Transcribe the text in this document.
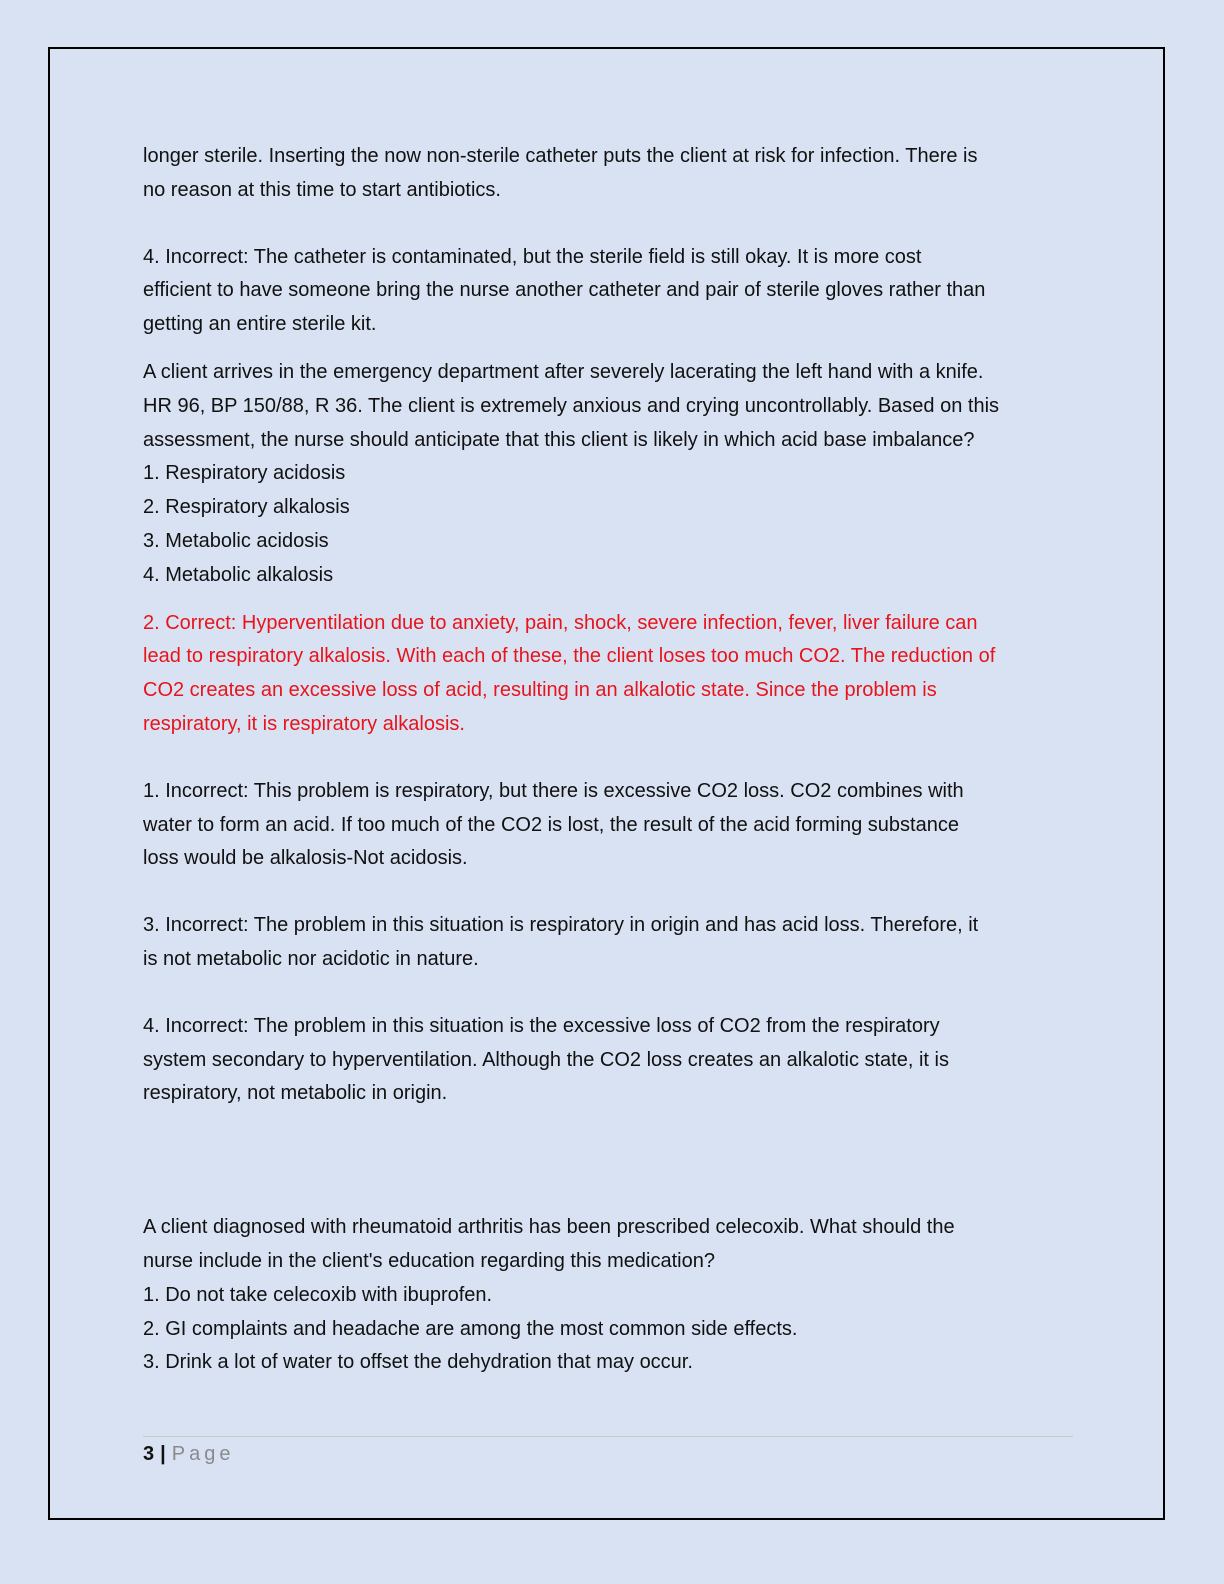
longer sterile. Inserting the now non-sterile catheter puts the client at risk for infection. There is
no reason at this time to start antibiotics.

4. Incorrect: The catheter is contaminated, but the sterile field is still okay. It is more cost
efficient to have someone bring the nurse another catheter and pair of sterile gloves rather than
getting an entire sterile kit.

A client arrives in the emergency department after severely lacerating the left hand with a knife.
HR 96, BP 150/88, R 36. The client is extremely anxious and crying uncontrollably. Based on this
assessment, the nurse should anticipate that this client is likely in which acid base imbalance?
1. Respiratory acidosis
2. Respiratory alkalosis
3. Metabolic acidosis
4. Metabolic alkalosis

2. Correct: Hyperventilation due to anxiety, pain, shock, severe infection, fever, liver failure can
lead to respiratory alkalosis. With each of these, the client loses too much CO2. The reduction of
CO2 creates an excessive loss of acid, resulting in an alkalotic state. Since the problem is
respiratory, it is respiratory alkalosis.

1. Incorrect: This problem is respiratory, but there is excessive CO2 loss. CO2 combines with
water to form an acid. If too much of the CO2 is lost, the result of the acid forming substance
loss would be alkalosis-Not acidosis.

3. Incorrect: The problem in this situation is respiratory in origin and has acid loss. Therefore, it
is not metabolic nor acidotic in nature.

4. Incorrect: The problem in this situation is the excessive loss of CO2 from the respiratory
system secondary to hyperventilation. Although the CO2 loss creates an alkalotic state, it is
respiratory, not metabolic in origin.

A client diagnosed with rheumatoid arthritis has been prescribed celecoxib. What should the
nurse include in the client's education regarding this medication?
1. Do not take celecoxib with ibuprofen.
2. GI complaints and headache are among the most common side effects.
3. Drink a lot of water to offset the dehydration that may occur.

3 | Page
